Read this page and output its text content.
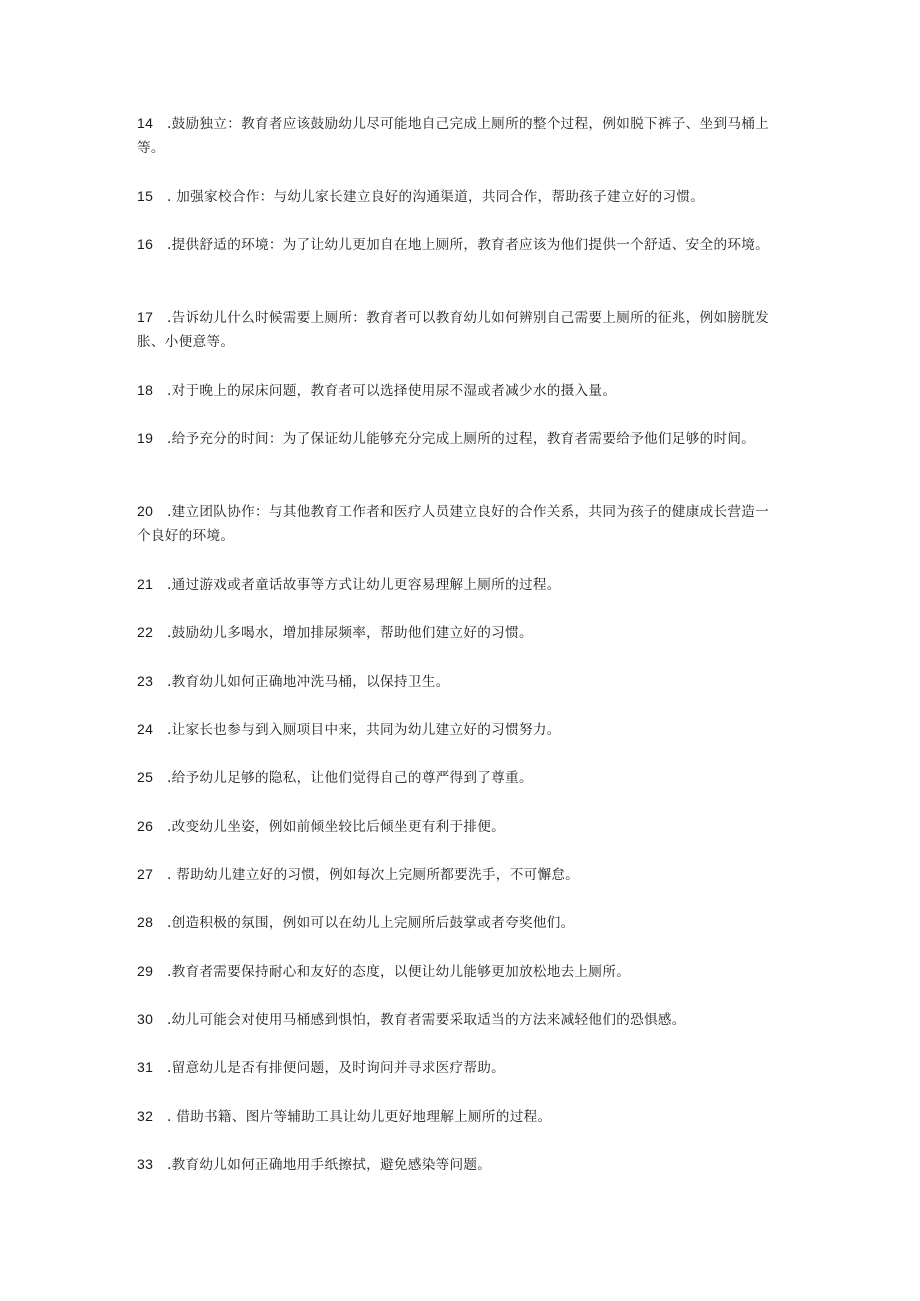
14 .鼓励独立：教育者应该鼓励幼儿尽可能地自己完成上厕所的整个过程，例如脱下裤子、坐到马桶上等。

15 . 加强家校合作：与幼儿家长建立良好的沟通渠道，共同合作，帮助孩子建立好的习惯。

16 .提供舒适的环境：为了让幼儿更加自在地上厕所，教育者应该为他们提供一个舒适、安全的环境。

17 .告诉幼儿什么时候需要上厕所：教育者可以教育幼儿如何辨别自己需要上厕所的征兆，例如膀胱发胀、小便意等。

18 .对于晚上的尿床问题，教育者可以选择使用尿不湿或者减少水的摄入量。

19 .给予充分的时间：为了保证幼儿能够充分完成上厕所的过程，教育者需要给予他们足够的时间。

20 .建立团队协作：与其他教育工作者和医疗人员建立良好的合作关系，共同为孩子的健康成长营造一个良好的环境。

21 .通过游戏或者童话故事等方式让幼儿更容易理解上厕所的过程。

22 .鼓励幼儿多喝水，增加排尿频率，帮助他们建立好的习惯。

23 .教育幼儿如何正确地冲洗马桶，以保持卫生。

24 .让家长也参与到入厕项目中来，共同为幼儿建立好的习惯努力。

25 .给予幼儿足够的隐私，让他们觉得自己的尊严得到了尊重。

26 .改变幼儿坐姿，例如前倾坐较比后倾坐更有利于排便。

27 . 帮助幼儿建立好的习惯，例如每次上完厕所都要洗手，不可懈怠。

28 .创造积极的氛围，例如可以在幼儿上完厕所后鼓掌或者夸奖他们。

29 .教育者需要保持耐心和友好的态度，以便让幼儿能够更加放松地去上厕所。

30 .幼儿可能会对使用马桶感到惧怕，教育者需要采取适当的方法来减轻他们的恐惧感。

31 .留意幼儿是否有排便问题，及时询问并寻求医疗帮助。

32 . 借助书籍、图片等辅助工具让幼儿更好地理解上厕所的过程。

33 .教育幼儿如何正确地用手纸擦拭，避免感染等问题。
